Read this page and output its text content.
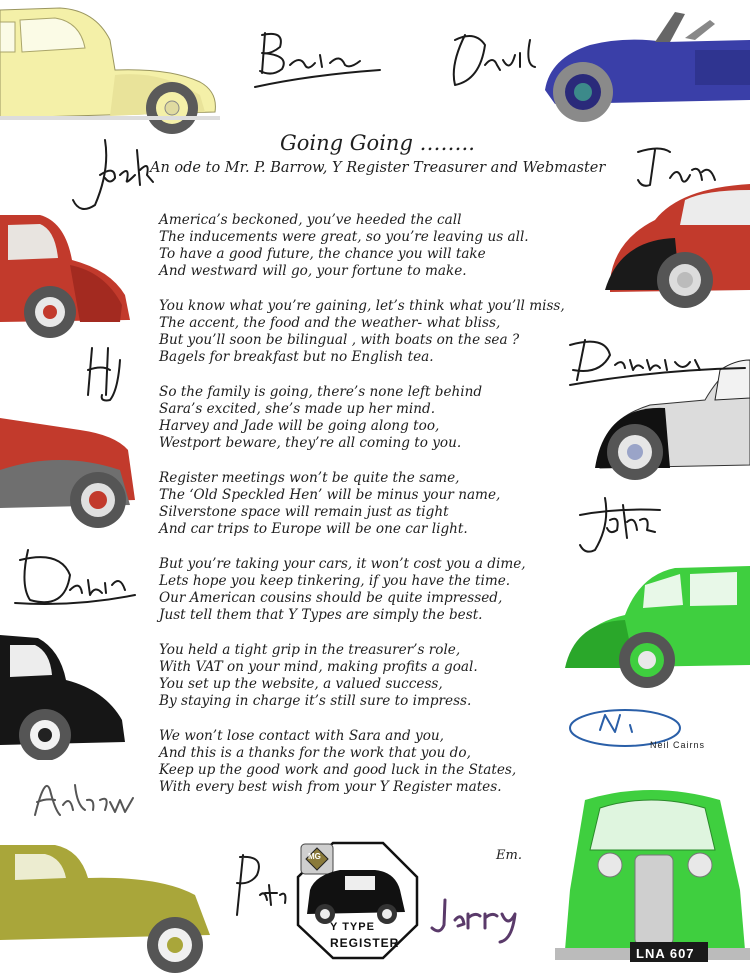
LNA 607
Neil Cairns
MG
Y TYPE
REGISTER
Going Going ……..
An ode to Mr. P. Barrow, Y Register Treasurer and Webmaster
America’s beckoned, you’ve heeded the call
The inducements were great, so you’re leaving us all.
To have a good future, the chance you will take
And westward will go, your fortune to make.
You know what you’re gaining, let’s think what you’ll miss,
The accent, the food and the weather- what bliss,
But you’ll soon be bilingual , with boats on the sea ?
Bagels for breakfast but no English tea.
So the family is going, there’s none left behind
Sara’s excited, she’s made up her mind.
Harvey and Jade will be going along too,
Westport beware, they’re all coming to you.
Register meetings won’t be quite the same,
The ‘Old Speckled Hen’ will be minus your name,
Silverstone space will remain just as tight
And car trips to Europe will be one car light.
But you’re taking your cars, it won’t cost you a dime,
Lets hope you keep tinkering, if you have the time.
Our American cousins should be quite impressed,
Just tell them that Y Types are simply the best.
You held a tight grip in the treasurer’s role,
With VAT on your mind, making profits a goal.
You set up the website, a valued success,
By staying in charge it’s still sure to impress.
We won’t lose contact with Sara and you,
And this is a thanks for the work that you do,
Keep up the good work and good luck in the States,
With every best wish from your Y Register mates.
Em.
